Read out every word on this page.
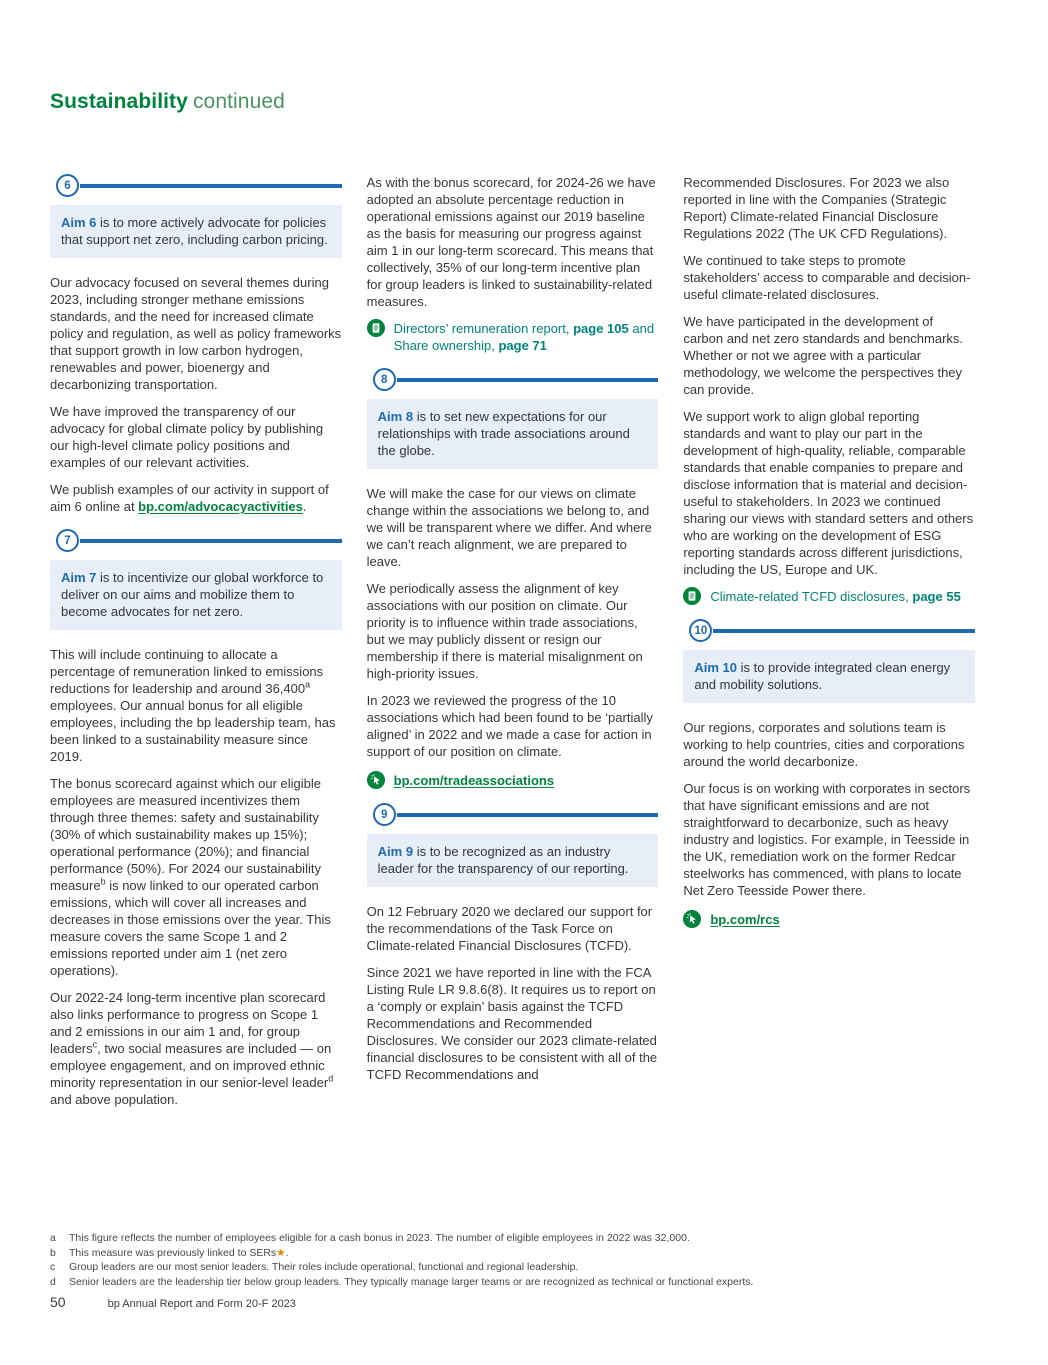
Sustainability continued
6
Aim 6 is to more actively advocate for policies that support net zero, including carbon pricing.

Our advocacy focused on several themes during 2023, including stronger methane emissions standards, and the need for increased climate policy and regulation, as well as policy frameworks that support growth in low carbon hydrogen, renewables and power, bioenergy and decarbonizing transportation.

We have improved the transparency of our advocacy for global climate policy by publishing our high-level climate policy positions and examples of our relevant activities.

We publish examples of our activity in support of aim 6 online at bp.com/advocacyactivities.

7
Aim 7 is to incentivize our global workforce to deliver on our aims and mobilize them to become advocates for net zero.

This will include continuing to allocate a percentage of remuneration linked to emissions reductions for leadership and around 36,400$^a$ employees. Our annual bonus for all eligible employees, including the bp leadership team, has been linked to a sustainability measure since 2019.

The bonus scorecard against which our eligible employees are measured incentivizes them through three themes: safety and sustainability (30% of which sustainability makes up 15%); operational performance (20%); and financial performance (50%). For 2024 our sustainability measure$^b$ is now linked to our operated carbon emissions, which will cover all increases and decreases in those emissions over the year. This measure covers the same Scope 1 and 2 emissions reported under aim 1 (net zero operations).

Our 2022-24 long-term incentive plan scorecard also links performance to progress on Scope 1 and 2 emissions in our aim 1 and, for group leaders$^c$, two social measures are included — on employee engagement, and on improved ethnic minority representation in our senior-level leader$^d$ and above population.

As with the bonus scorecard, for 2024-26 we have adopted an absolute percentage reduction in operational emissions against our 2019 baseline as the basis for measuring our progress against aim 1 in our long-term scorecard. This means that collectively, 35% of our long-term incentive plan for group leaders is linked to sustainability-related measures.

Directors’ remuneration report, page 105 and Share ownership, page 71
8
Aim 8 is to set new expectations for our relationships with trade associations around the globe.

We will make the case for our views on climate change within the associations we belong to, and we will be transparent where we differ. And where we can’t reach alignment, we are prepared to leave.

We periodically assess the alignment of key associations with our position on climate. Our priority is to influence within trade associations, but we may publicly dissent or resign our membership if there is material misalignment on high-priority issues.

In 2023 we reviewed the progress of the 10 associations which had been found to be ‘partially aligned’ in 2022 and we made a case for action in support of our position on climate.

bp.com/tradeassociations
9
Aim 9 is to be recognized as an industry leader for the transparency of our reporting.

On 12 February 2020 we declared our support for the recommendations of the Task Force on Climate-related Financial Disclosures (TCFD).

Since 2021 we have reported in line with the FCA Listing Rule LR 9.8.6(8). It requires us to report on a ‘comply or explain’ basis against the TCFD Recommendations and Recommended Disclosures. We consider our 2023 climate-related financial disclosures to be consistent with all of the TCFD Recommendations and

Recommended Disclosures. For 2023 we also reported in line with the Companies (Strategic Report) Climate-related Financial Disclosure Regulations 2022 (The UK CFD Regulations).

We continued to take steps to promote stakeholders’ access to comparable and decision-useful climate-related disclosures.

We have participated in the development of carbon and net zero standards and benchmarks. Whether or not we agree with a particular methodology, we welcome the perspectives they can provide.

We support work to align global reporting standards and want to play our part in the development of high-quality, reliable, comparable standards that enable companies to prepare and disclose information that is material and decision-useful to stakeholders. In 2023 we continued sharing our views with standard setters and others who are working on the development of ESG reporting standards across different jurisdictions, including the US, Europe and UK.

Climate-related TCFD disclosures, page 55
10
Aim 10 is to provide integrated clean energy and mobility solutions.

Our regions, corporates and solutions team is working to help countries, cities and corporations around the world decarbonize.

Our focus is on working with corporates in sectors that have significant emissions and are not straightforward to decarbonize, such as heavy industry and logistics. For example, in Teesside in the UK, remediation work on the former Redcar steelworks has commenced, with plans to locate Net Zero Teesside Power there.

bp.com/rcs
a	This figure reflects the number of employees eligible for a cash bonus in 2023. The number of eligible employees in 2022 was 32,000.
b	This measure was previously linked to SERs★.
c	Group leaders are our most senior leaders. Their roles include operational, functional and regional leadership.
d	Senior leaders are the leadership tier below group leaders. They typically manage larger teams or are recognized as technical or functional experts.
50	bp Annual Report and Form 20-F 2023
